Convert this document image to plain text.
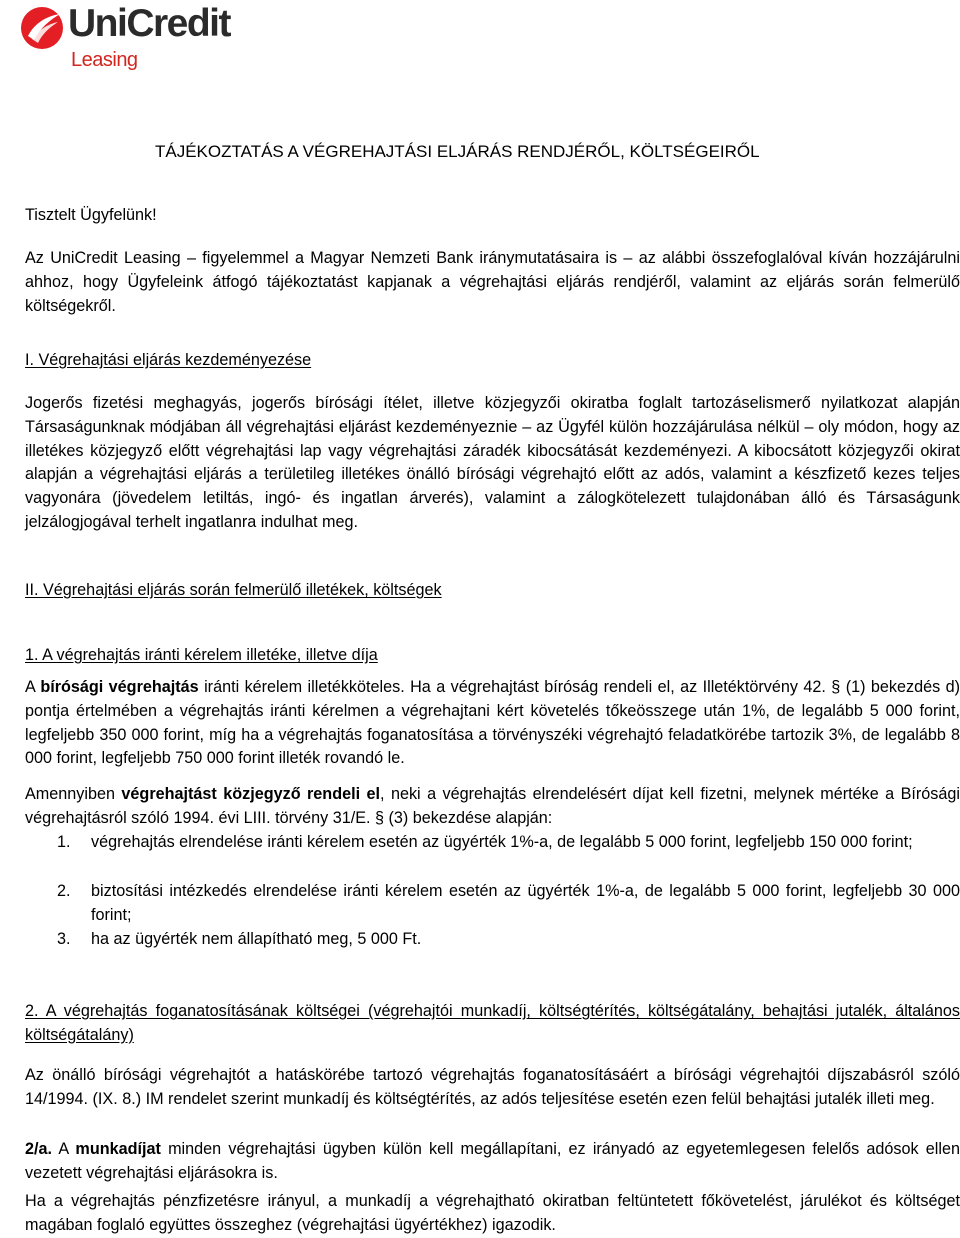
UniCredit
Leasing
TÁJÉKOZTATÁS A VÉGREHAJTÁSI ELJÁRÁS RENDJÉRŐL, KÖLTSÉGEIRŐL
Tisztelt Ügyfelünk!
Az UniCredit Leasing – figyelemmel a Magyar Nemzeti Bank iránymutatásaira is – az alábbi összefoglalóval kíván hozzájárulni ahhoz, hogy Ügyfeleink átfogó tájékoztatást kapjanak a végrehajtási eljárás rendjéről, valamint az eljárás során felmerülő költségekről.
I. Végrehajtási eljárás kezdeményezése
Jogerős fizetési meghagyás, jogerős bírósági ítélet, illetve közjegyzői okiratba foglalt tartozáselismerő nyilatkozat alapján Társaságunknak módjában áll végrehajtási eljárást kezdeményeznie – az Ügyfél külön hozzájárulása nélkül – oly módon, hogy az illetékes közjegyző előtt végrehajtási lap vagy végrehajtási záradék kibocsátását kezdeményezi. A kibocsátott közjegyzői okirat alapján a végrehajtási eljárás a területileg illetékes önálló bírósági végrehajtó előtt az adós, valamint a készfizető kezes teljes vagyonára (jövedelem letiltás, ingó- és ingatlan árverés), valamint a zálogkötelezett tulajdonában álló és Társaságunk jelzálogjogával terhelt ingatlanra indulhat meg.
II. Végrehajtási eljárás során felmerülő illetékek, költségek
1. A végrehajtás iránti kérelem illetéke, illetve díja
A bírósági végrehajtás iránti kérelem illetékköteles. Ha a végrehajtást bíróság rendeli el, az Illetéktörvény 42. § (1) bekezdés d) pontja értelmében a végrehajtás iránti kérelmen a végrehajtani kért követelés tőkeösszege után 1%, de legalább 5 000 forint, legfeljebb 350 000 forint, míg ha a végrehajtás foganatosítása a törvényszéki végrehajtó feladatkörébe tartozik 3%, de legalább 8 000 forint, legfeljebb 750 000 forint illeték rovandó le.
Amennyiben végrehajtást közjegyző rendeli el, neki a végrehajtás elrendelésért díjat kell fizetni, melynek mértéke a Bírósági végrehajtásról szóló 1994. évi LIII. törvény 31/E. § (3) bekezdése alapján:
1. végrehajtás elrendelése iránti kérelem esetén az ügyérték 1%-a, de legalább 5 000 forint, legfeljebb 150 000 forint;
2. biztosítási intézkedés elrendelése iránti kérelem esetén az ügyérték 1%-a, de legalább 5 000 forint, legfeljebb 30 000 forint;
3. ha az ügyérték nem állapítható meg, 5 000 Ft.
2. A végrehajtás foganatosításának költségei (végrehajtói munkadíj, költségtérítés, költségátalány, behajtási jutalék, általános költségátalány)
Az önálló bírósági végrehajtót a hatáskörébe tartozó végrehajtás foganatosításáért a bírósági végrehajtói díjszabásról szóló 14/1994. (IX. 8.) IM rendelet szerint munkadíj és költségtérítés, az adós teljesítése esetén ezen felül behajtási jutalék illeti meg.
2/a. A munkadíjat minden végrehajtási ügyben külön kell megállapítani, ez irányadó az egyetemlegesen felelős adósok ellen vezetett végrehajtási eljárásokra is.
Ha a végrehajtás pénzfizetésre irányul, a munkadíj a végrehajtható okiratban feltüntetett főkövetelést, járulékot és költséget magában foglaló együttes összeghez (végrehajtási ügyértékhez) igazodik.
